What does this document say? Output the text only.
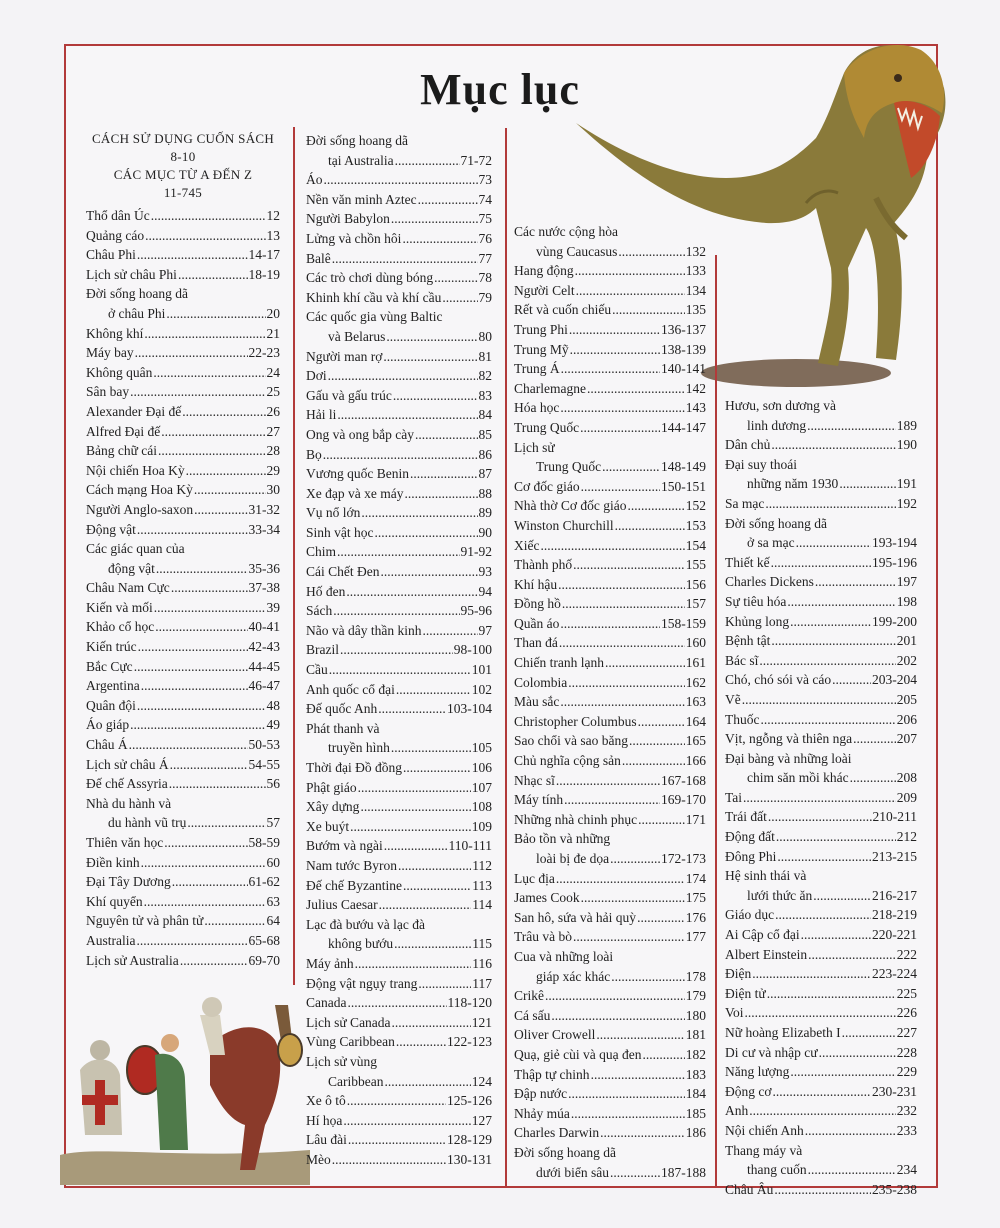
Mục lục
CÁCH SỬ DỤNG CUỐN SÁCH
8-10
CÁC MỤC TỪ A ĐẾN Z
11-745
Thổ dân Úc .....	12
Quảng cáo .....	13
Châu Phi .....	14-17
Lịch sử châu Phi .....	18-19
Đời sống hoang dã
ở châu Phi .....	20
Không khí .....	21
Máy bay .....	22-23
Không quân .....	24
Sân bay .....	25
Alexander Đại đế .....	26
Alfred Đại đế .....	27
Bảng chữ cái .....	28
Nội chiến Hoa Kỳ .....	29
Cách mạng Hoa Kỳ .....	30
Người Anglo-saxon .....	31-32
Động vật .....	33-34
Các giác quan của
động vật .....	35-36
Châu Nam Cực .....	37-38
Kiến và mối .....	39
Khảo cổ học .....	40-41
Kiến trúc .....	42-43
Bắc Cực .....	44-45
Argentina .....	46-47
Quân đội .....	48
Áo giáp .....	49
Châu Á .....	50-53
Lịch sử châu Á .....	54-55
Đế chế Assyria .....	56
Nhà du hành và
du hành vũ trụ .....	57
Thiên văn học .....	58-59
Điền kinh .....	60
Đại Tây Dương .....	61-62
Khí quyển .....	63
Nguyên tử và phân tử .....	64
Australia .....	65-68
Lịch sử Australia .....	69-70
Đời sống hoang dã
tại Australia .....	71-72
Áo .....	73
Nền văn minh Aztec .....	74
Người Babylon .....	75
Lửng và chồn hôi .....	76
Balê .....	77
Các trò chơi dùng bóng .....	78
Khinh khí cầu và khí cầu .....	79
Các quốc gia vùng Baltic
và Belarus .....	80
Người man rợ .....	81
Dơi .....	82
Gấu và gấu trúc .....	83
Hải li .....	84
Ong và ong bắp cày .....	85
Bọ .....	86
Vương quốc Benin .....	87
Xe đạp và xe máy .....	88
Vụ nổ lớn .....	89
Sinh vật học .....	90
Chim .....	91-92
Cái Chết Đen .....	93
Hố đen .....	94
Sách .....	95-96
Não và dây thần kinh .....	97
Brazil .....	98-100
Cầu .....	101
Anh quốc cổ đại .....	102
Đế quốc Anh .....	103-104
Phát thanh và
truyền hình .....	105
Thời đại Đồ đồng .....	106
Phật giáo .....	107
Xây dựng .....	108
Xe buýt .....	109
Bướm và ngài .....	110-111
Nam tước Byron .....	112
Đế chế Byzantine .....	113
Julius Caesar .....	114
Lạc đà bướu và lạc đà
không bướu .....	115
Máy ảnh .....	116
Động vật ngụy trang .....	117
Canada .....	118-120
Lịch sử Canada .....	121
Vùng Caribbean .....	122-123
Lịch sử vùng
Caribbean .....	124
Xe ô tô .....	125-126
Hí họa .....	127
Lâu đài .....	128-129
Mèo .....	130-131
Các nước cộng hòa
vùng Caucasus .....	132
Hang động .....	133
Người Celt .....	134
Rết và cuốn chiếu .....	135
Trung Phi .....	136-137
Trung Mỹ .....	138-139
Trung Á .....	140-141
Charlemagne .....	142
Hóa học .....	143
Trung Quốc .....	144-147
Lịch sử
Trung Quốc .....	148-149
Cơ đốc giáo .....	150-151
Nhà thờ Cơ đốc giáo .....	152
Winston Churchill .....	153
Xiếc .....	154
Thành phố .....	155
Khí hậu .....	156
Đồng hồ .....	157
Quần áo .....	158-159
Than đá .....	160
Chiến tranh lạnh .....	161
Colombia .....	162
Màu sắc .....	163
Christopher Columbus .....	164
Sao chổi và sao băng .....	165
Chủ nghĩa cộng sản .....	166
Nhạc sĩ .....	167-168
Máy tính .....	169-170
Những nhà chinh phục .....	171
Bảo tồn và những
loài bị đe dọa .....	172-173
Lục địa .....	174
James Cook .....	175
San hô, sứa và hải quỳ .....	176
Trâu và bò .....	177
Cua và những loài
giáp xác khác .....	178
Crikê .....	179
Cá sấu .....	180
Oliver Crowell .....	181
Quạ, giẻ cùi và quạ đen .....	182
Thập tự chinh .....	183
Đập nước .....	184
Nhảy múa .....	185
Charles Darwin .....	186
Đời sống hoang dã
dưới biển sâu .....	187-188
Hươu, sơn dương và
linh dương .....	189
Dân chủ .....	190
Đại suy thoái
những năm 1930 .....	191
Sa mạc .....	192
Đời sống hoang dã
ở sa mạc .....	193-194
Thiết kế .....	195-196
Charles Dickens .....	197
Sự tiêu hóa .....	198
Khủng long .....	199-200
Bệnh tật .....	201
Bác sĩ .....	202
Chó, chó sói và cáo .....	203-204
Vẽ .....	205
Thuốc .....	206
Vịt, ngỗng và thiên nga .....	207
Đại bàng và những loài
chim săn mồi khác .....	208
Tai .....	209
Trái đất .....	210-211
Động đất .....	212
Đông Phi .....	213-215
Hệ sinh thái và
lưới thức ăn .....	216-217
Giáo dục .....	218-219
Ai Cập cổ đại .....	220-221
Albert Einstein .....	222
Điện .....	223-224
Điện tử .....	225
Voi .....	226
Nữ hoàng Elizabeth I .....	227
Di cư và nhập cư .....	228
Năng lượng .....	229
Động cơ .....	230-231
Anh .....	232
Nội chiến Anh .....	233
Thang máy và
thang cuốn .....	234
Châu Âu .....	235-238
